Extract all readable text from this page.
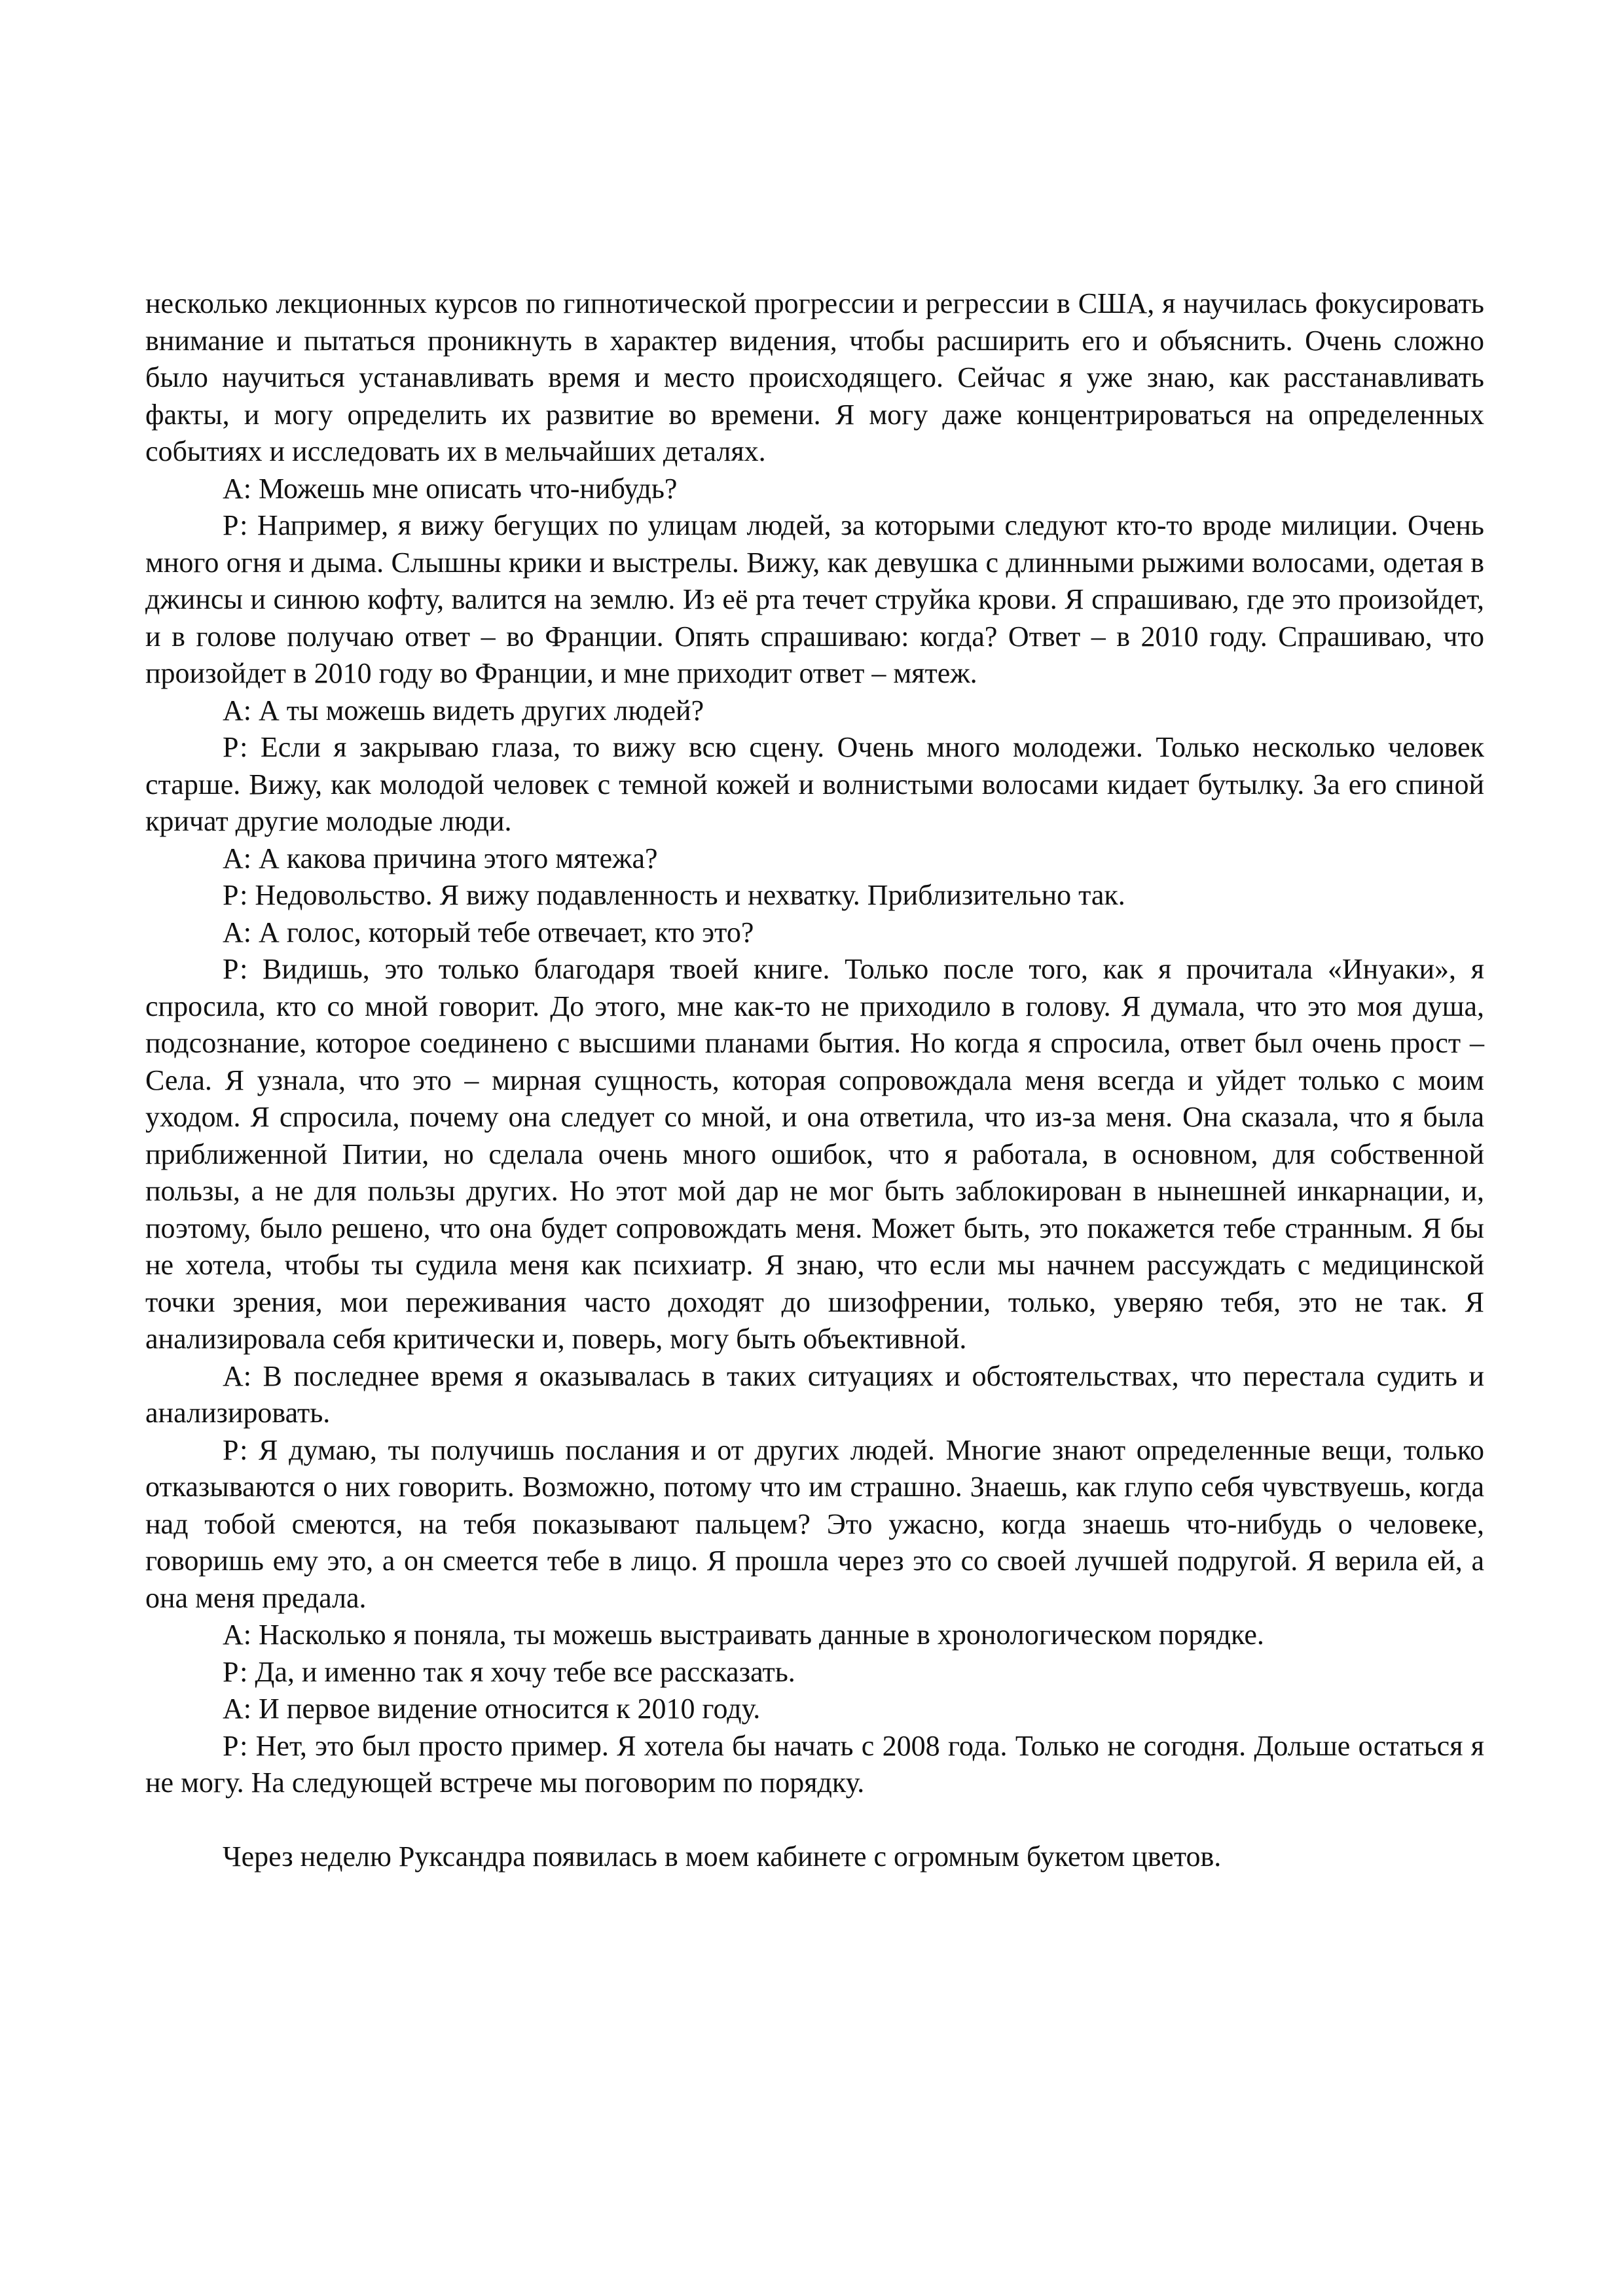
несколько лекционных курсов по гипнотической прогрессии и регрессии в США, я научилась фокусировать внимание и пытаться проникнуть в характер видения, чтобы расширить его и объяснить. Очень сложно было научиться устанавливать время и место происходящего. Сейчас я уже знаю, как расстанавливать факты, и могу определить их развитие во времени. Я могу даже концентрироваться на определенных событиях и исследовать их в мельчайших деталях.

А: Можешь мне описать что-нибудь?

Р: Например, я вижу бегущих по улицам людей, за которыми следуют кто-то вроде милиции. Очень много огня и дыма. Слышны крики и выстрелы. Вижу, как девушка с длинными рыжими волосами, одетая в джинсы и синюю кофту, валится на землю. Из её рта течет струйка крови. Я спрашиваю, где это произойдет, и в голове получаю ответ – во Франции. Опять спрашиваю: когда? Ответ – в 2010 году. Спрашиваю, что произойдет в 2010 году во Франции, и мне приходит ответ – мятеж.

А: А ты можешь видеть других людей?

Р: Если я закрываю глаза, то вижу всю сцену. Очень много молодежи. Только несколько человек старше. Вижу, как молодой человек с темной кожей и волнистыми волосами кидает бутылку. За его спиной кричат другие молодые люди.

А: А какова причина этого мятежа?

Р: Недовольство. Я вижу подавленность и нехватку. Приблизительно так.

А: А голос, который тебе отвечает, кто это?

Р: Видишь, это только благодаря твоей книге. Только после того, как я прочитала «Инуаки», я спросила, кто со мной говорит. До этого, мне как-то не приходило в голову. Я думала, что это моя душа, подсознание, которое соединено с высшими планами бытия. Но когда я спросила, ответ был очень прост – Села. Я узнала, что это – мирная сущность, которая сопровождала меня всегда и уйдет только с моим уходом. Я спросила, почему она следует со мной, и она ответила, что из-за меня. Она сказала, что я была приближенной Питии, но сделала очень много ошибок, что я работала, в основном, для собственной пользы, а не для пользы других. Но этот мой дар не мог быть заблокирован в нынешней инкарнации, и, поэтому, было решено, что она будет сопровождать меня. Может быть, это покажется тебе странным. Я бы не хотела, чтобы ты судила меня как психиатр. Я знаю, что если мы начнем рассуждать с медицинской точки зрения, мои переживания часто доходят до шизофрении, только, уверяю тебя, это не так. Я анализировала себя критически и, поверь, могу быть объективной.

А: В последнее время я оказывалась в таких ситуациях и обстоятельствах, что перестала судить и анализировать.

Р: Я думаю, ты получишь послания и от других людей. Многие знают определенные вещи, только отказываются о них говорить. Возможно, потому что им страшно. Знаешь, как глупо себя чувствуешь, когда над тобой смеются, на тебя показывают пальцем? Это ужасно, когда знаешь что-нибудь о человеке, говоришь ему это, а он смеется тебе в лицо. Я прошла через это со своей лучшей подругой. Я верила ей, а она меня предала.

А: Насколько я поняла, ты можешь выстраивать данные в хронологическом порядке.

Р: Да, и именно так я хочу тебе все рассказать.

А: И первое видение относится к 2010 году.

Р: Нет, это был просто пример. Я хотела бы начать с 2008 года. Только не согодня. Дольше остаться я не могу. На следующей встрече мы поговорим по порядку.

Через неделю Руксандра появилась в моем кабинете с огромным букетом цветов.
